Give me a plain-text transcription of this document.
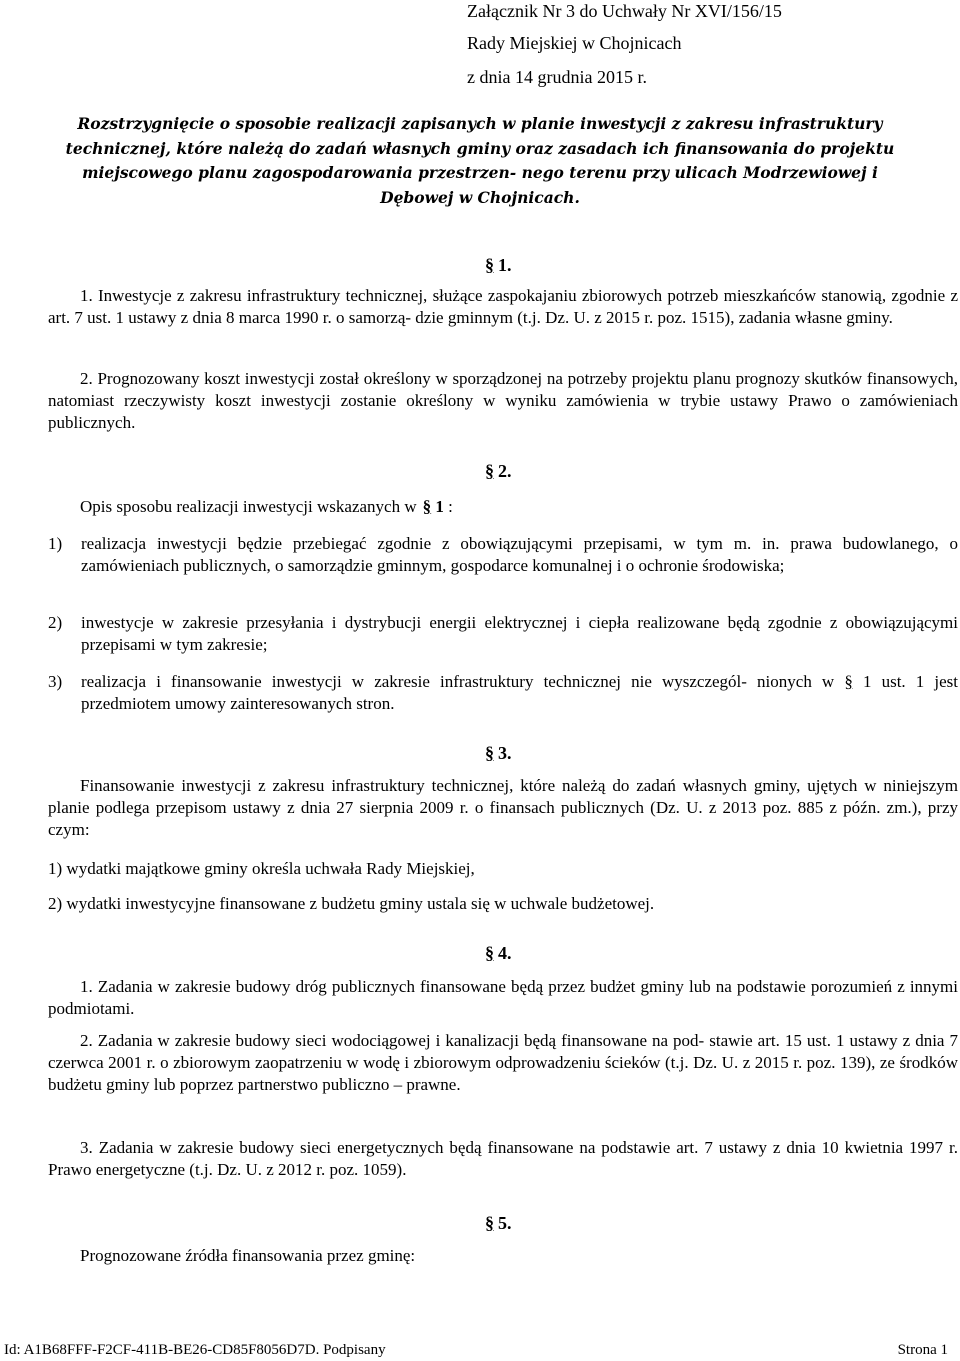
Załącznik Nr 3 do Uchwały Nr XVI/156/15
Rady Miejskiej w Chojnicach
z dnia 14 grudnia 2015 r.
Rozstrzygnięcie o sposobie realizacji zapisanych w planie inwestycji z zakresu infrastruktury technicznej, które należą do zadań własnych gminy oraz zasadach ich finansowania do projektu miejscowego planu zagospodarowania przestrzen- nego terenu przy ulicach Modrzewiowej i Dębowej w Chojnicach.
§ 1.
1. Inwestycje z zakresu infrastruktury technicznej, służące zaspokajaniu zbiorowych potrzeb mieszkańców stanowią, zgodnie z art. 7 ust. 1 ustawy z dnia 8 marca 1990 r. o samorzą- dzie gminnym (t.j. Dz. U. z 2015 r. poz. 1515), zadania własne gminy.
2. Prognozowany koszt inwestycji został określony w sporządzonej na potrzeby projektu planu prognozy skutków finansowych, natomiast rzeczywisty koszt inwestycji zostanie określony w wyniku zamówienia w trybie ustawy Prawo o zamówieniach publicznych.
§ 2.
Opis sposobu realizacji inwestycji wskazanych w § 1 :
1) realizacja inwestycji będzie przebiegać zgodnie z obowiązującymi przepisami, w tym m. in. prawa budowlanego, o zamówieniach publicznych, o samorządzie gminnym, gospodarce komunalnej i o ochronie środowiska;
2) inwestycje w zakresie przesyłania i dystrybucji energii elektrycznej i ciepła realizowane będą zgodnie z obowiązującymi przepisami w tym zakresie;
3) realizacja i finansowanie inwestycji w zakresie infrastruktury technicznej nie wyszczegól- nionych w § 1 ust. 1 jest przedmiotem umowy zainteresowanych stron.
§ 3.
Finansowanie inwestycji z zakresu infrastruktury technicznej, które należą do zadań własnych gminy, ujętych w niniejszym planie podlega przepisom ustawy z dnia 27 sierpnia 2009 r. o finansach publicznych (Dz. U. z 2013 poz. 885 z późn. zm.), przy czym:
1) wydatki majątkowe gminy określa uchwała Rady Miejskiej,
2) wydatki inwestycyjne finansowane z budżetu gminy ustala się w uchwale budżetowej.
§ 4.
1. Zadania w zakresie budowy dróg publicznych finansowane będą przez budżet gminy lub na podstawie porozumień z innymi podmiotami.
2. Zadania w zakresie budowy sieci wodociągowej i kanalizacji będą finansowane na pod- stawie art. 15 ust. 1 ustawy z dnia 7 czerwca 2001 r. o zbiorowym zaopatrzeniu w wodę i zbiorowym odprowadzeniu ścieków (t.j. Dz. U. z 2015 r. poz. 139), ze środków budżetu gminy lub poprzez partnerstwo publiczno – prawne.
3. Zadania w zakresie budowy sieci energetycznych będą finansowane na podstawie art. 7 ustawy z dnia 10 kwietnia 1997 r. Prawo energetyczne (t.j. Dz. U. z 2012 r. poz. 1059).
§ 5.
Prognozowane źródła finansowania przez gminę:
Id: A1B68FFF-F2CF-411B-BE26-CD85F8056D7D. Podpisany	Strona 1
